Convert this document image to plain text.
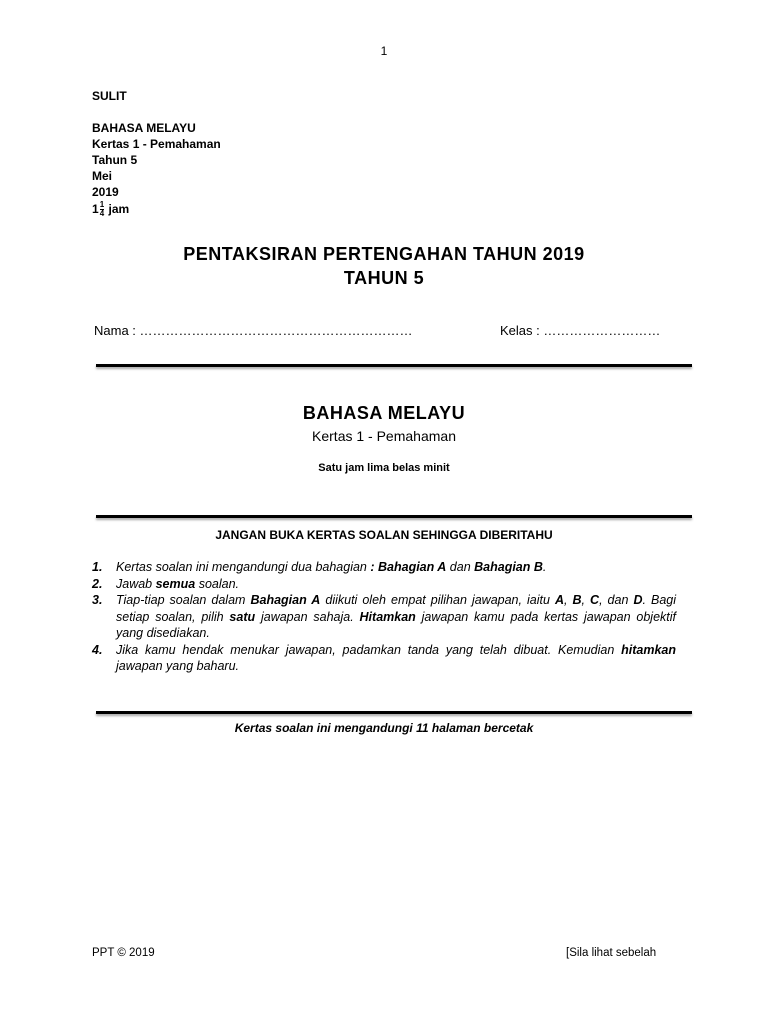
1
SULIT
BAHASA MELAYU
Kertas 1 - Pemahaman
Tahun 5
Mei
2019
$1 \frac{1}{4}$ jam
PENTAKSIRAN PERTENGAHAN TAHUN 2019
TAHUN 5
Nama : ………………………………………………………	Kelas : ………………………
BAHASA MELAYU
Kertas 1 - Pemahaman
Satu jam lima belas minit
JANGAN BUKA KERTAS SOALAN SEHINGGA DIBERITAHU
1.	Kertas soalan ini mengandungi dua bahagian : Bahagian A dan Bahagian B.
2.	Jawab semua soalan.
3.	Tiap-tiap soalan dalam Bahagian A diikuti oleh empat pilihan jawapan, iaitu A, B, C, dan D. Bagi setiap soalan, pilih satu jawapan sahaja. Hitamkan jawapan kamu pada kertas jawapan objektif yang disediakan.
4.	Jika kamu hendak menukar jawapan, padamkan tanda yang telah dibuat. Kemudian hitamkan jawapan yang baharu.
Kertas soalan ini mengandungi 11 halaman bercetak
PPT © 2019	[Sila lihat sebelah
